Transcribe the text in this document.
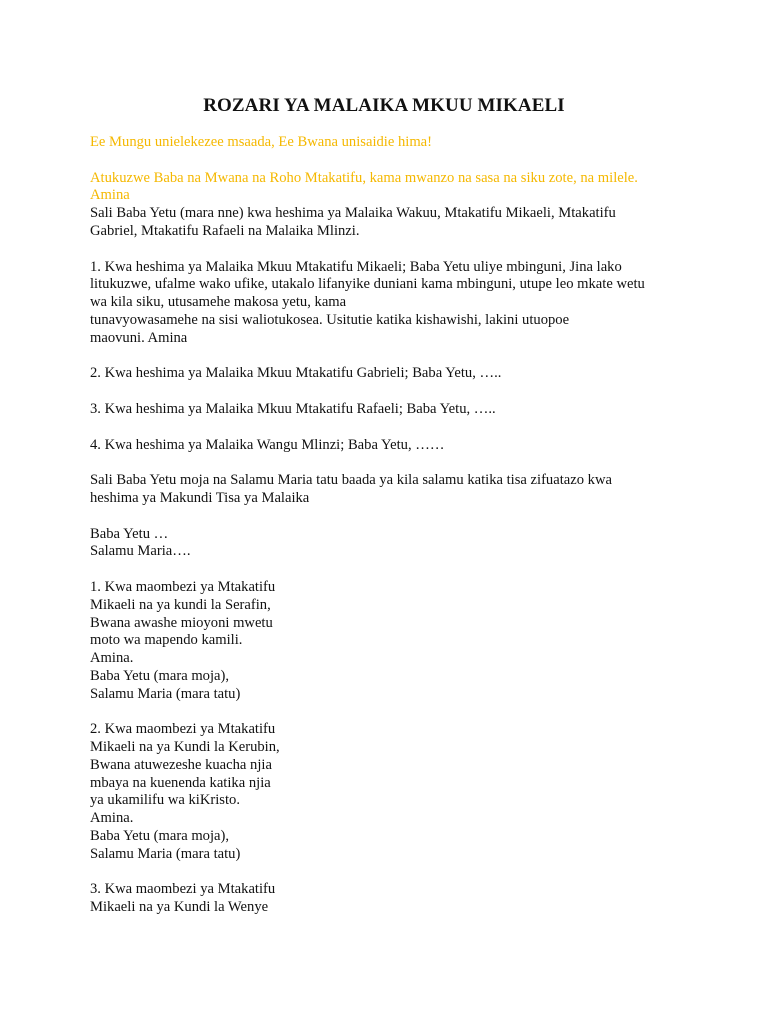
ROZARI YA MALAIKA MKUU MIKAELI

Ee Mungu unielekezee msaada, Ee Bwana unisaidie hima!

Atukuzwe Baba na Mwana na Roho Mtakatifu, kama mwanzo na sasa na siku zote, na milele.
Amina

Sali Baba Yetu (mara nne) kwa heshima ya Malaika Wakuu, Mtakatifu Mikaeli, Mtakatifu
Gabriel, Mtakatifu Rafaeli na Malaika Mlinzi.

1. Kwa heshima ya Malaika Mkuu Mtakatifu Mikaeli; Baba Yetu uliye mbinguni, Jina lako
litukuzwe, ufalme wako ufike, utakalo lifanyike duniani kama mbinguni, utupe leo mkate wetu
wa kila siku, utusamehe makosa yetu, kama
tunavyowasamehe na sisi waliotukosea. Usitutie katika kishawishi, lakini utuopoe
maovuni. Amina

2. Kwa heshima ya Malaika Mkuu Mtakatifu Gabrieli; Baba Yetu, …..

3. Kwa heshima ya Malaika Mkuu Mtakatifu Rafaeli; Baba Yetu, …..

4. Kwa heshima ya Malaika Wangu Mlinzi; Baba Yetu, ……

Sali Baba Yetu moja na Salamu Maria tatu baada ya kila salamu katika tisa zifuatazo kwa
heshima ya Makundi Tisa ya Malaika

Baba Yetu …
Salamu Maria….

1. Kwa maombezi ya Mtakatifu
Mikaeli na ya kundi la Serafin,
Bwana awashe mioyoni mwetu
moto wa mapendo kamili.
Amina.
Baba Yetu (mara moja),
Salamu Maria (mara tatu)

2. Kwa maombezi ya Mtakatifu
Mikaeli na ya Kundi la Kerubin,
Bwana atuwezeshe kuacha njia
mbaya na kuenenda katika njia
ya ukamilifu wa kiKristo.
Amina.
Baba Yetu (mara moja),
Salamu Maria (mara tatu)

3. Kwa maombezi ya Mtakatifu
Mikaeli na ya Kundi la Wenye
